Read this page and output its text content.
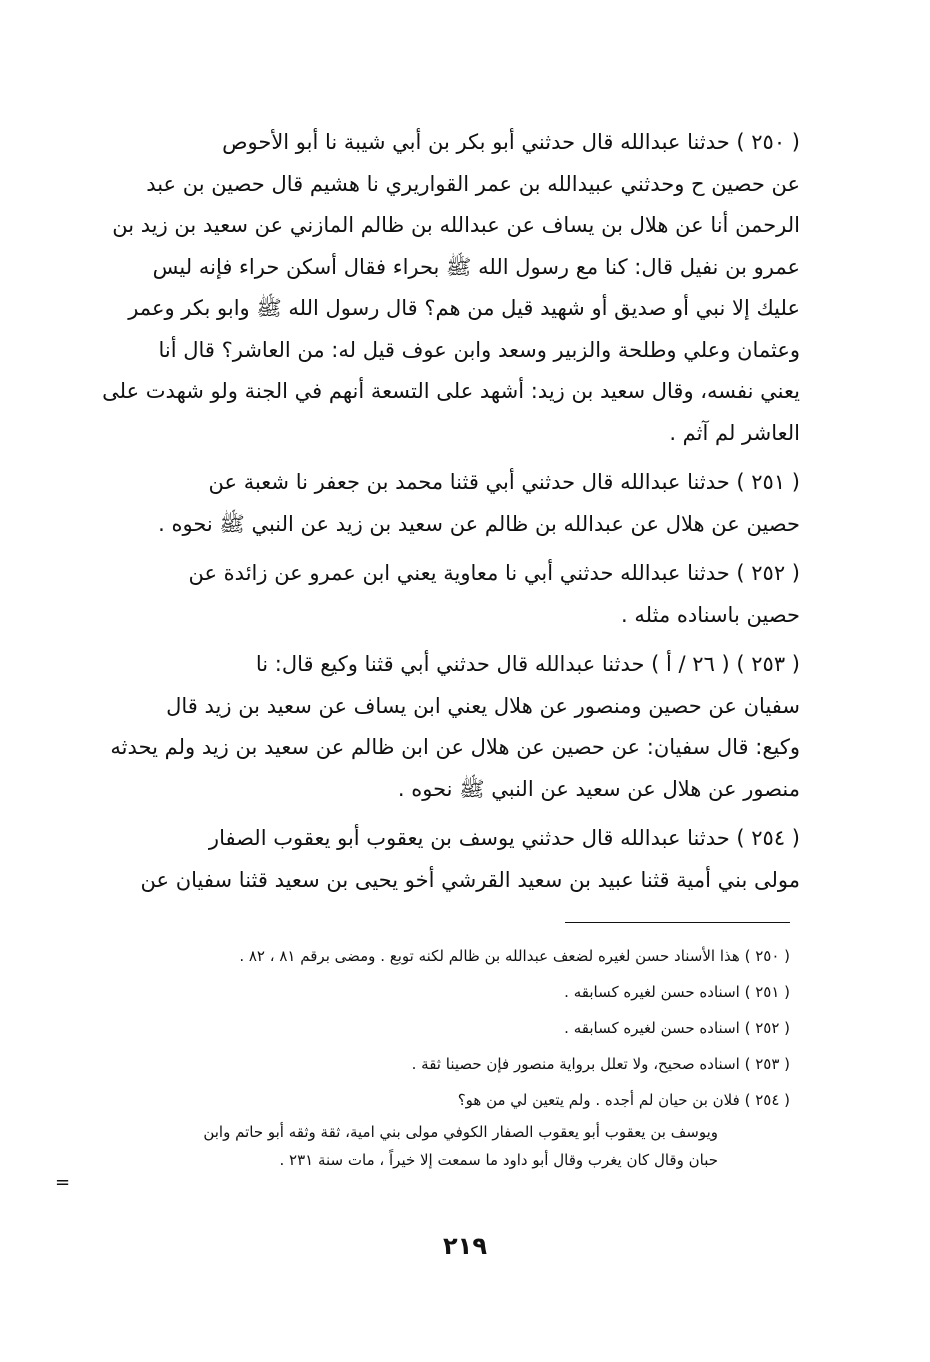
( ٢٥٠ ) حدثنا عبدالله قال حدثني أبو بكر بن أبي شيبة نا أبو الأحوص

عن حصين ح وحدثني عبيدالله بن عمر القواريري نا هشيم قال حصين بن عبد

الرحمن أنا عن هلال بن يساف عن عبدالله بن ظالم المازني عن سعيد بن زيد بن

عمرو بن نفيل قال: كنا مع رسول الله ﷺ بحراء فقال أسكن حراء فإنه ليس

عليك إلا نبي أو صديق أو شهيد قيل من هم؟ قال رسول الله ﷺ وابو بكر وعمر

وعثمان وعلي وطلحة والزبير وسعد وابن عوف قيل له: من العاشر؟ قال أنا

يعني نفسه، وقال سعيد بن زيد: أشهد على التسعة أنهم في الجنة ولو شهدت على

العاشر لم آثم .

( ٢٥١ ) حدثنا عبدالله قال حدثني أبي قثنا محمد بن جعفر نا شعبة عن

حصين عن هلال عن عبدالله بن ظالم عن سعيد بن زيد عن النبي ﷺ نحوه .

( ٢٥٢ ) حدثنا عبدالله حدثني أبي نا معاوية يعني ابن عمرو عن زائدة عن

حصين باسناده مثله .

( ٢٥٣ ) ( ٢٦ / أ ) حدثنا عبدالله قال حدثني أبي قثنا وكيع قال: نا

سفيان عن حصين ومنصور عن هلال يعني ابن يساف عن سعيد بن زيد قال

وكيع: قال سفيان: عن حصين عن هلال عن ابن ظالم عن سعيد بن زيد ولم يحدثه

منصور عن هلال عن سعيد عن النبي ﷺ نحوه .

( ٢٥٤ ) حدثنا عبدالله قال حدثني يوسف بن يعقوب أبو يعقوب الصفار

مولى بني أمية قثنا عبيد بن سعيد القرشي أخو يحيى بن سعيد قثنا سفيان عن

( ٢٥٠ ) هذا الأسناد حسن لغيره لضعف عبدالله بن ظالم لكنه توبع . ومضى برقم ٨١ ، ٨٢ .

( ٢٥١ ) اسناده حسن لغيره كسابقه .

( ٢٥٢ ) اسناده حسن لغيره كسابقه .

( ٢٥٣ ) اسناده صحيح، ولا تعلل برواية منصور فإن حصينا ثقة .

( ٢٥٤ ) فلان بن حيان لم أجده . ولم يتعين لي من هو؟

ويوسف بن يعقوب أبو يعقوب الصفار الكوفي مولى بني امية، ثقة وثقه أبو حاتم وابن

حبان وقال كان يغرب وقال أبو داود ما سمعت إلا خيراً ، مات سنة ٢٣١ .

=
٢١٩
